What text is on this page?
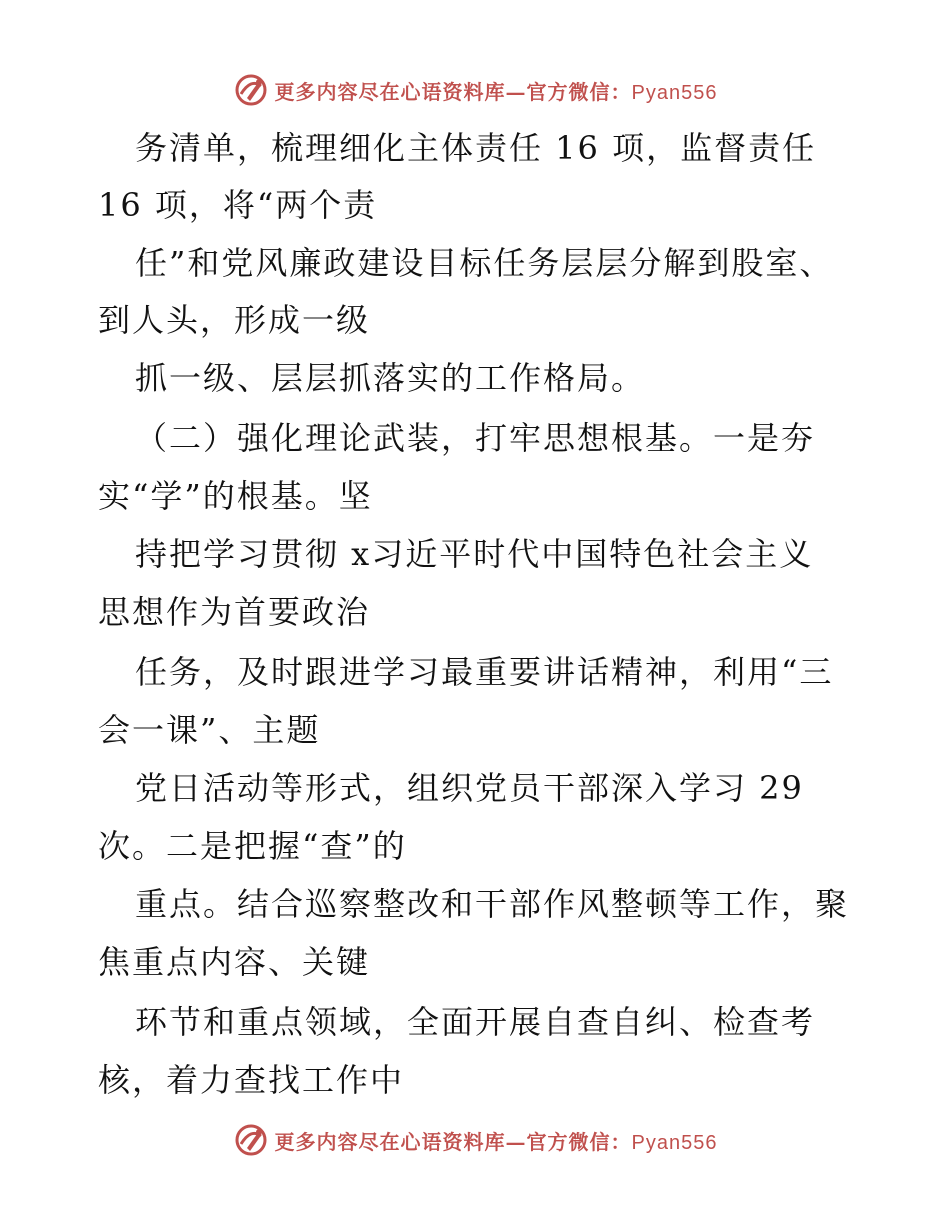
更多内容尽在心语资料库—官方微信：Pyan556
务清单，梳理细化主体责任 16 项，监督责任
16 项，将“两个责
任”和党风廉政建设目标任务层层分解到股室、
到人头，形成一级
抓一级、层层抓落实的工作格局。
（二）强化理论武装，打牢思想根基。一是夯
实“学”的根基。坚
持把学习贯彻 x习近平时代中国特色社会主义
思想作为首要政治
任务，及时跟进学习最重要讲话精神，利用“三
会一课”、主题
党日活动等形式，组织党员干部深入学习 29
次。二是把握“查”的
重点。结合巡察整改和干部作风整顿等工作，聚
焦重点内容、关键
环节和重点领域，全面开展自查自纠、检查考
核，着力查找工作中
更多内容尽在心语资料库—官方微信：Pyan556
